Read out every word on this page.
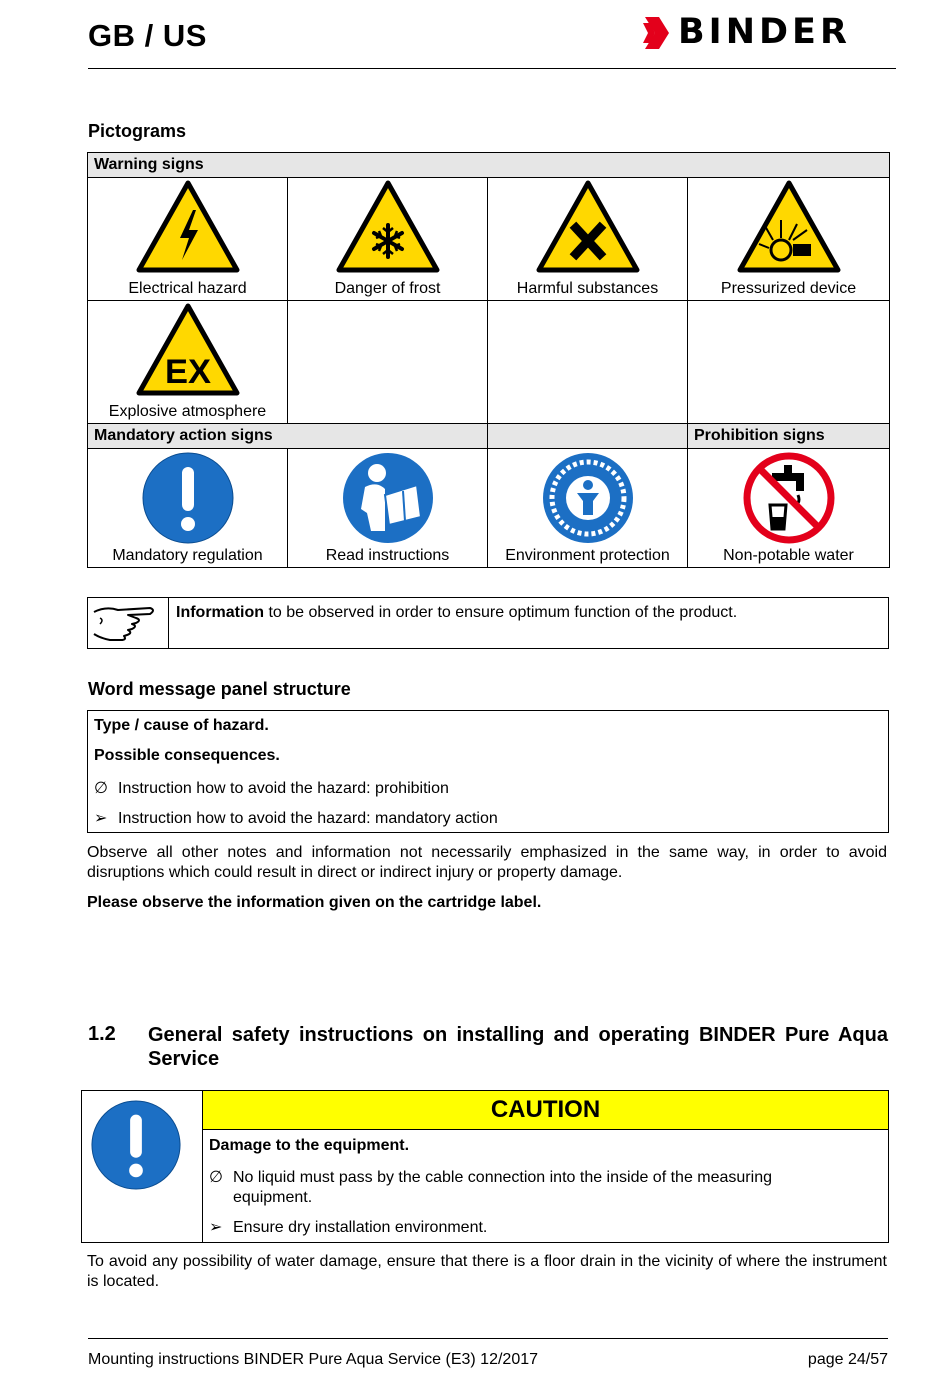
GB / US	BINDER
Pictograms
Warning signs			

Electrical hazard	Danger of frost	Harmful substances	Pressurized device

EX
Explosive atmosphere			

Mandatory action signs			Prohibition signs

Mandatory regulation	Read instructions	Environment protection	Non-potable water
Information to be observed in order to ensure optimum function of the product.
Word message panel structure
Type / cause of hazard.
Possible consequences.
∅ Instruction how to avoid the hazard: prohibition
➢ Instruction how to avoid the hazard: mandatory action
Observe all other notes and information not necessarily emphasized in the same way, in order to avoid disruptions which could result in direct or indirect injury or property damage.
Please observe the information given on the cartridge label.
1.2 General safety instructions on installing and operating BINDER Pure Aqua Service
CAUTION
Damage to the equipment.
∅ No liquid must pass by the cable connection into the inside of the measuring equipment.
➢ Ensure dry installation environment.
To avoid any possibility of water damage, ensure that there is a floor drain in the vicinity of where the instrument is located.
Mounting instructions BINDER Pure Aqua Service (E3) 12/2017	page 24/57
